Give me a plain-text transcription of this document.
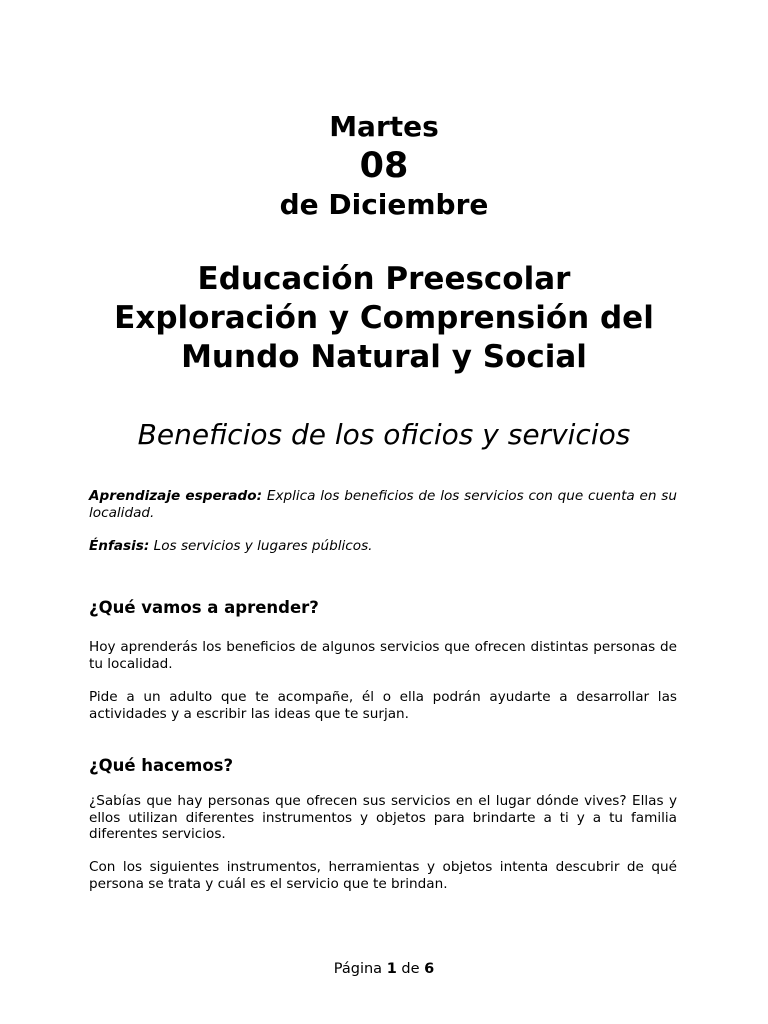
Martes
08
de Diciembre
Educación Preescolar
Exploración y Comprensión del
Mundo Natural y Social
Beneficios de los oficios y servicios

Aprendizaje esperado: Explica los beneficios de los servicios con que cuenta en su localidad.

Énfasis: Los servicios y lugares públicos.

¿Qué vamos a aprender?

Hoy aprenderás los beneficios de algunos servicios que ofrecen distintas personas de tu localidad.

Pide a un adulto que te acompañe, él o ella podrán ayudarte a desarrollar las actividades y a escribir las ideas que te surjan.

¿Qué hacemos?

¿Sabías que hay personas que ofrecen sus servicios en el lugar dónde vives? Ellas y ellos utilizan diferentes instrumentos y objetos para brindarte a ti y a tu familia diferentes servicios.

Con los siguientes instrumentos, herramientas y objetos intenta descubrir de qué persona se trata y cuál es el servicio que te brindan.

Página 1 de 6
